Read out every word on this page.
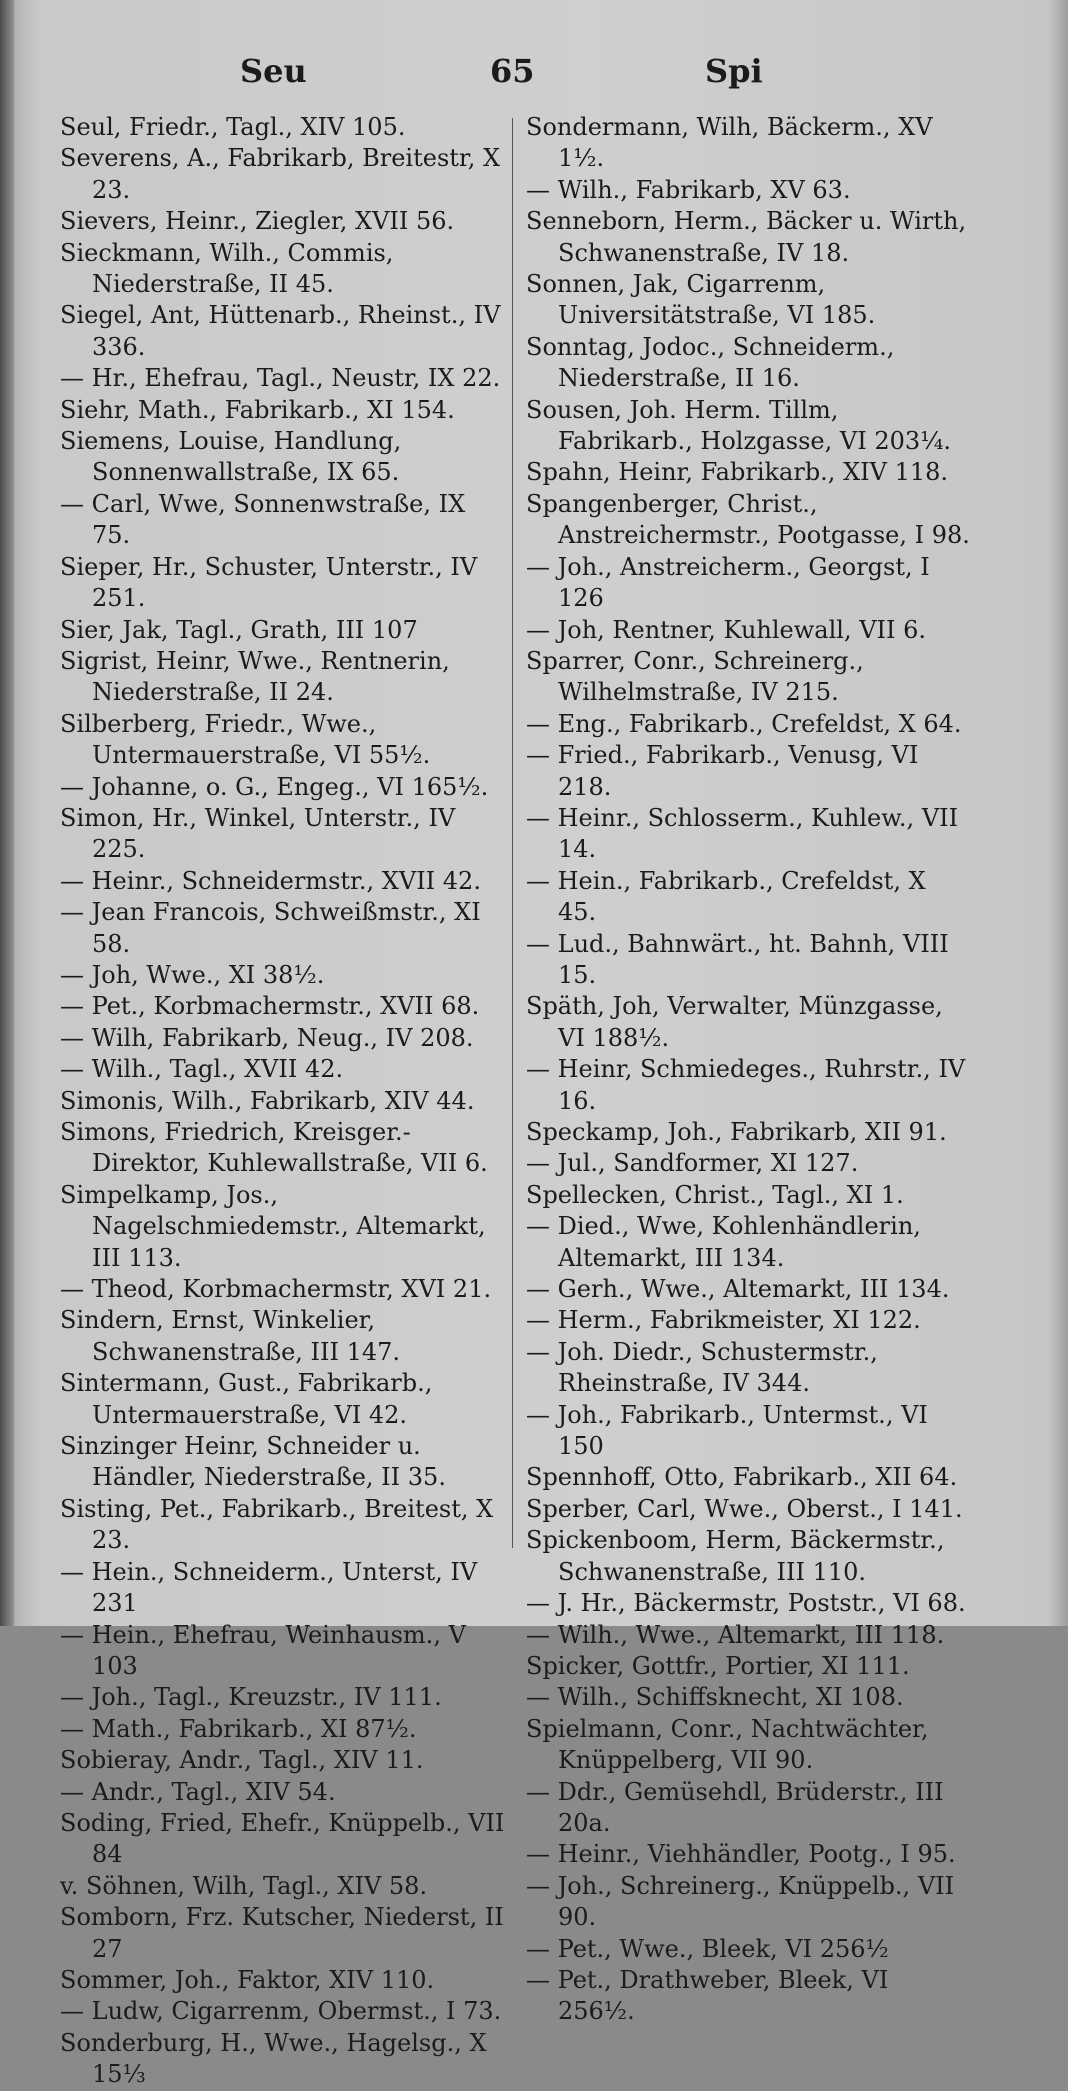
Seu	65	Spi

Seul, Friedr., Tagl., XIV 105.

Severens, A., Fabrikarb, Breitestr, X 23.

Sievers, Heinr., Ziegler, XVII 56.

Sieckmann, Wilh., Commis, Niederstraße, II 45.

Siegel, Ant, Hüttenarb., Rheinst., IV 336.

— Hr., Ehefrau, Tagl., Neustr, IX 22.

Siehr, Math., Fabrikarb., XI 154.

Siemens, Louise, Handlung, Sonnenwallstraße, IX 65.

— Carl, Wwe, Sonnenwstraße, IX 75.

Sieper, Hr., Schuster, Unterstr., IV 251.

Sier, Jak, Tagl., Grath, III 107

Sigrist, Heinr, Wwe., Rentnerin, Niederstraße, II 24.

Silberberg, Friedr., Wwe., Untermauerstraße, VI 55½.

— Johanne, o. G., Engeg., VI 165½.

Simon, Hr., Winkel, Unterstr., IV 225.

— Heinr., Schneidermstr., XVII 42.

— Jean Francois, Schweißmstr., XI 58.

— Joh, Wwe., XI 38½.

— Pet., Korbmachermstr., XVII 68.

— Wilh, Fabrikarb, Neug., IV 208.

— Wilh., Tagl., XVII 42.

Simonis, Wilh., Fabrikarb, XIV 44.

Simons, Friedrich, Kreisger.-Direktor, Kuhlewallstraße, VII 6.

Simpelkamp, Jos., Nagelschmiedemstr., Altemarkt, III 113.

— Theod, Korbmachermstr, XVI 21.

Sindern, Ernst, Winkelier, Schwanenstraße, III 147.

Sintermann, Gust., Fabrikarb., Untermauerstraße, VI 42.

Sinzinger Heinr, Schneider u. Händler, Niederstraße, II 35.

Sisting, Pet., Fabrikarb., Breitest, X 23.

— Hein., Schneiderm., Unterst, IV 231

— Hein., Ehefrau, Weinhausm., V 103

— Joh., Tagl., Kreuzstr., IV 111.

— Math., Fabrikarb., XI 87½.

Sobieray, Andr., Tagl., XIV 11.

— Andr., Tagl., XIV 54.

Soding, Fried, Ehefr., Knüppelb., VII 84

v. Söhnen, Wilh, Tagl., XIV 58.

Somborn, Frz. Kutscher, Niederst, II 27

Sommer, Joh., Faktor, XIV 110.

— Ludw, Cigarrenm, Obermst., I 73.

Sonderburg, H., Wwe., Hagelsg., X 15⅓

Sondermann, Wilh, Bäckerm., XV 1½.

— Wilh., Fabrikarb, XV 63.

Senneborn, Herm., Bäcker u. Wirth, Schwanenstraße, IV 18.

Sonnen, Jak, Cigarrenm, Universitätstraße, VI 185.

Sonntag, Jodoc., Schneiderm., Niederstraße, II 16.

Sousen, Joh. Herm. Tillm, Fabrikarb., Holzgasse, VI 203¼.

Spahn, Heinr, Fabrikarb., XIV 118.

Spangenberger, Christ., Anstreichermstr., Pootgasse, I 98.

— Joh., Anstreicherm., Georgst, I 126

— Joh, Rentner, Kuhlewall, VII 6.

Sparrer, Conr., Schreinerg., Wilhelmstraße, IV 215.

— Eng., Fabrikarb., Crefeldst, X 64.

— Fried., Fabrikarb., Venusg, VI 218.

— Heinr., Schlosserm., Kuhlew., VII 14.

— Hein., Fabrikarb., Crefeldst, X 45.

— Lud., Bahnwärt., ht. Bahnh, VIII 15.

Späth, Joh, Verwalter, Münzgasse, VI 188½.

— Heinr, Schmiedeges., Ruhrstr., IV 16.

Speckamp, Joh., Fabrikarb, XII 91.

— Jul., Sandformer, XI 127.

Spellecken, Christ., Tagl., XI 1.

— Died., Wwe, Kohlenhändlerin, Altemarkt, III 134.

— Gerh., Wwe., Altemarkt, III 134.

— Herm., Fabrikmeister, XI 122.

— Joh. Diedr., Schustermstr., Rheinstraße, IV 344.

— Joh., Fabrikarb., Untermst., VI 150

Spennhoff, Otto, Fabrikarb., XII 64.

Sperber, Carl, Wwe., Oberst., I 141.

Spickenboom, Herm, Bäckermstr., Schwanenstraße, III 110.

— J. Hr., Bäckermstr, Poststr., VI 68.

— Wilh., Wwe., Altemarkt, III 118.

Spicker, Gottfr., Portier, XI 111.

— Wilh., Schiffsknecht, XI 108.

Spielmann, Conr., Nachtwächter, Knüppelberg, VII 90.

— Ddr., Gemüsehdl, Brüderstr., III 20a.

— Heinr., Viehhändler, Pootg., I 95.

— Joh., Schreinerg., Knüppelb., VII 90.

— Pet., Wwe., Bleek, VI 256½

— Pet., Drathweber, Bleek, VI 256½.
